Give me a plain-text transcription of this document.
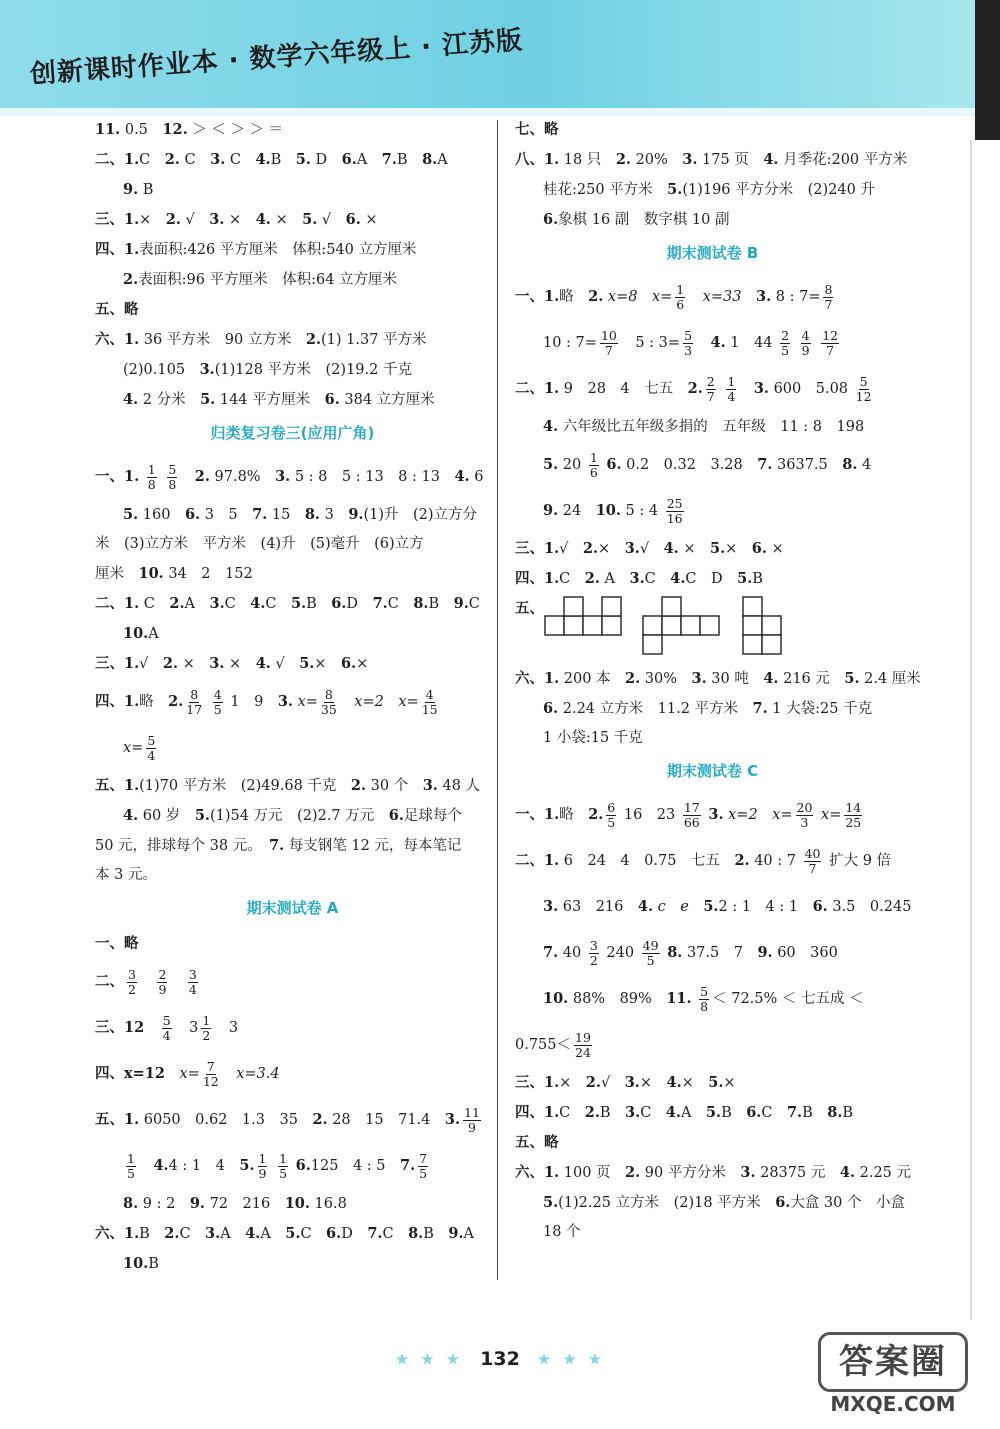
创新课时作业本 · 数学六年级上 · 江苏版
11. 0.5　 12. ＞ ＜ ＞ ＞ ＝
二、1.C　 2. C　 3. C　 4.B　 5. D　 6.A　 7.B　 8.A
9. B
三、1.×　 2. √　 3. ×　 4. ×　 5. √　 6. ×
四、1.表面积:426 平方厘米　体积:540 立方厘米
2.表面积:96 平方厘米　体积:64 立方厘米
五、略
六、1. 36 平方米　90 立方米　 2.(1) 1.37 平方米
(2)0.105　 3.(1)128 平方米　(2)19.2 千克
4. 2 分米　 5. 144 平方厘米　 6. 384 立方厘米
归类复习卷三(应用广角)
一、1. $\frac{1}{8}$
$\frac{5}{8}$
　 2. 97.8%　 3. 5 : 8　5 : 13　8 : 13　 4. 6
5. 160　 6. 3　5　 7. 15　 8. 3　 9.(1)升　(2)立方分
米　(3)立方米　平方米　(4)升　(5)毫升　(6)立方
厘米　 10. 34　2　152
二、1. C　 2.A　 3.C　 4.C　 5.B　 6.D　 7.C　 8.B　 9.C
10.A
三、1.√　 2. ×　 3. ×　 4. √　 5.×　 6.×
四、1.略　 2. $\frac{8}{17}$
$\frac{4}{5} 1$　9　 3. $x= \frac{8}{35}$
　 x=2　 $x= \frac{4}{15}$
$x= \frac{5}{4}$
五、1.(1)70 平方米　(2)49.68 千克　 2. 30 个　 3. 48 人
4. 60 岁　 5.(1)54 万元　(2)2.7 万元　 6.足球每个
50 元，排球每个 38 元。　 7. 每支钢笔 12 元，每本笔记
本 3 元。
期末测试卷 A
一、略
二、 $\frac{3}{2}$
　 $\frac{2}{9}$
　 $\frac{3}{4}$
三、12　 $\frac{5}{4}$
　 $3 \frac{1}{2}$
　 3
四、x=12　 $x= \frac{7}{12}$
　 x=3.4
五、1. 6050　0.62　1.3　35　 2. 28　15　71.4　 3. $\frac{11}{9}$
$\frac{1}{5}$
　 4.4 : 1　4　 5. $\frac{1}{9}$
$\frac{1}{5} 6.125$　4 : 5　 7. $\frac{7}{5}$
8. 9 : 2　 9. 72　216　 10. 16.8
六、1.B　 2.C　 3.A　 4.A　 5.C　 6.D　 7.C　 8.B　 9.A
10.B
七、略
八、1. 18 只　 2. 20%　 3. 175 页　 4. 月季花:200 平方米
桂花:250 平方米　 5.(1)196 平方分米　(2)240 升
6.象棋 16 副　数字棋 10 副
期末测试卷 B
一、1.略　 2. x=8　 $x= \frac{1}{6}$
　 x=33　 3. 8 : $7= \frac{8}{7}$
10 : $7= \frac{10}{7}$
　 5 : $3= \frac{5}{3}$
　 4. 1　$44 \frac{2}{5}$
$\frac{4}{9}$
$\frac{12}{7}$
二、1. 9　28　4　七五　 2. $\frac{2}{7}$
$\frac{1}{4}$
　 3. 600　$5.08 \frac{5}{12}$
4. 六年级比五年级多捐的　五年级　11 : 8　198
5. $20 \frac{1}{6} 6$. 0.2　0.32　3.28　 7. 3637.5　 8. 4
9. 24　 10. 5 : $4 \frac{25}{16}$
三、1.√　 2.×　 3.√　 4. ×　 5.×　 6. ×
四、1.C　 2. A　 3.C　 4.C　D　 5.B
五、
六、1. 200 本　 2. 30%　 3. 30 吨　 4. 216 元　 5. 2.4 厘米
6. 2.24 立方米　11.2 平方米　 7. 1 大袋:25 千克
1 小袋:15 千克
期末测试卷 C
一、1.略　 2. $\frac{6}{5} 16$　$23 \frac{17}{66} 3$. x=2　 $x= \frac{20}{3} x= \frac{14}{25}$
二、1. 6　24　4　0.75　七五　 2. 40 : $7 \frac{40}{7}$ 扩大 9 倍
3. 63　216　 4. c　e　 5.2 : 1　4 : 1　 6. 3.5　0.245
7. $40 \frac{3}{2} 240 \frac{49}{5} 8$. 37.5　7　 9. 60　360
10. 88%　89%　 11. $\frac{5}{8} < 72.5\%$ ＜ 七五成 ＜
$0.755< \frac{19}{24}$
三、1.×　 2.√　 3.×　 4.×　 5.×
四、1.C　 2.B　 3.C　 4.A　 5.B　 6.C　 7.B　 8.B
五、略
六、1. 100 页　 2. 90 平方分米　 3. 28375 元　 4. 2.25 元
5.(1)2.25 立方米　(2)18 平方米　 6.大盒 30 个　小盒
18 个
★ ★ ★ 132 ★ ★ ★	答案圈
MXQE.COM
